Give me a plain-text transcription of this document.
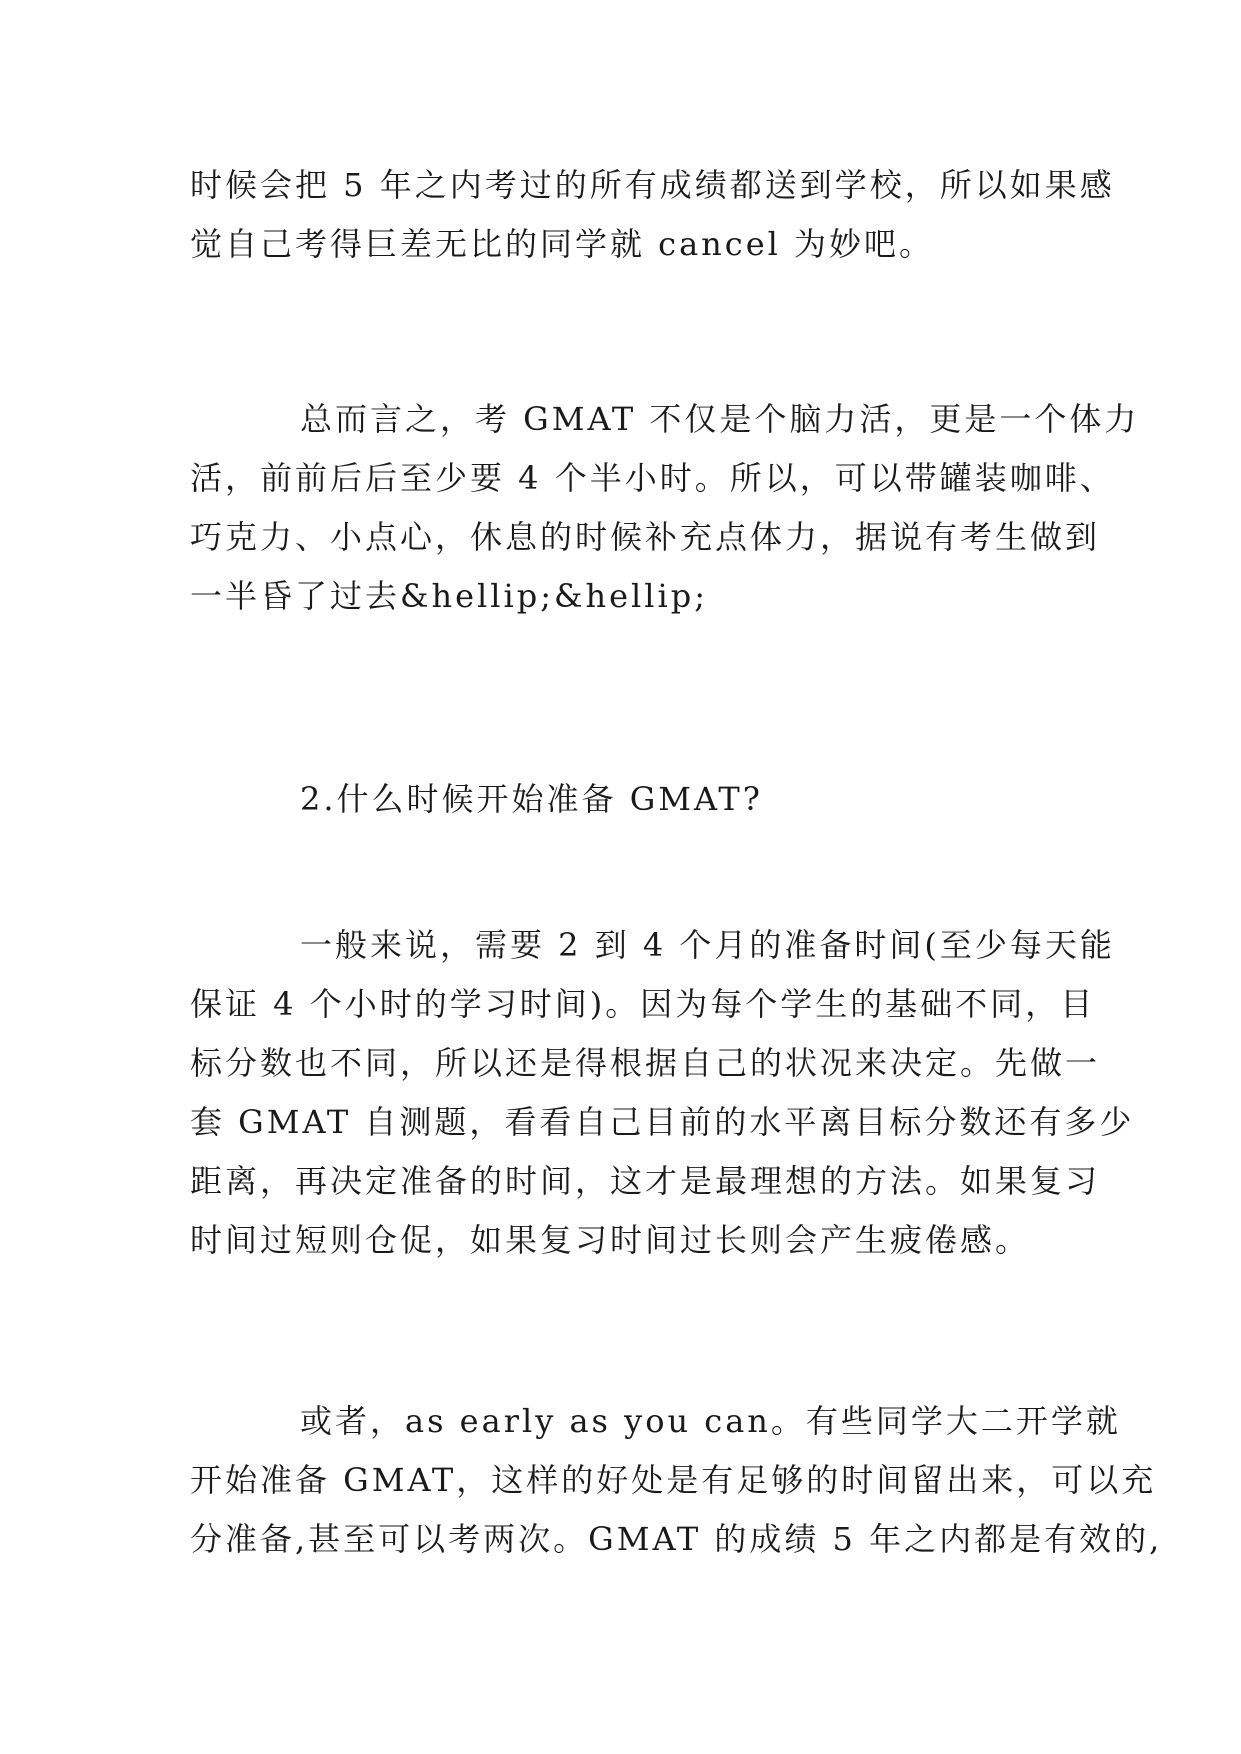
时候会把 5 年之内考过的所有成绩都送到学校，所以如果感
觉自己考得巨差无比的同学就 cancel 为妙吧。
总而言之，考 GMAT 不仅是个脑力活，更是一个体力
活，前前后后至少要 4 个半小时。所以，可以带罐装咖啡、
巧克力、小点心，休息的时候补充点体力，据说有考生做到
一半昏了过去&hellip;&hellip;
2.什么时候开始准备 GMAT?
一般来说，需要 2 到 4 个月的准备时间(至少每天能
保证 4 个小时的学习时间)。因为每个学生的基础不同，目
标分数也不同，所以还是得根据自己的状况来决定。先做一
套 GMAT 自测题，看看自己目前的水平离目标分数还有多少
距离，再决定准备的时间，这才是最理想的方法。如果复习
时间过短则仓促，如果复习时间过长则会产生疲倦感。
或者，as early as you can。有些同学大二开学就
开始准备 GMAT，这样的好处是有足够的时间留出来，可以充
分准备,甚至可以考两次。GMAT 的成绩 5 年之内都是有效的,
